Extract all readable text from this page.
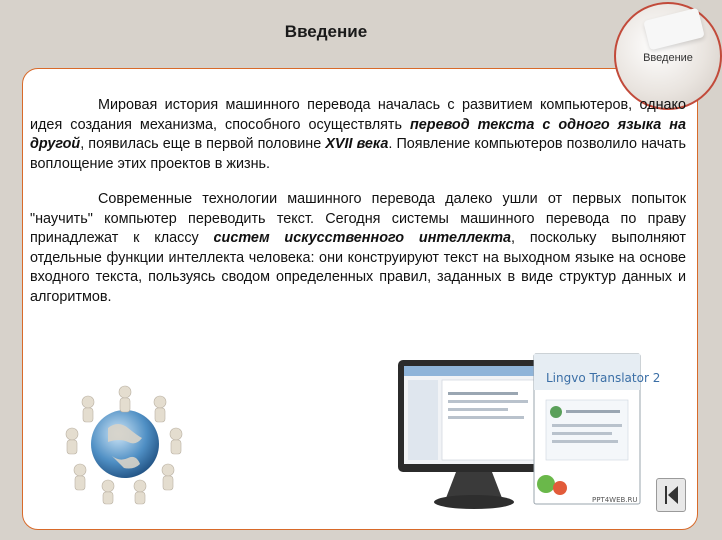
Введение
Введение

Мировая история машинного перевода началась с развитием компьютеров, однако идея создания механизма, способного осуществлять перевод текста с одного языка на другой, появилась еще в первой половине XVII века. Появление компьютеров позволило начать воплощение этих проектов в жизнь.

Современные технологии машинного перевода далеко ушли от первых попыток "научить" компьютер переводить текст. Сегодня системы машинного перевода по праву принадлежат к классу систем искусственного интеллекта, поскольку выполняют отдельные функции интеллекта человека: они конструируют текст на выходном языке на основе входного текста, пользуясь сводом определенных правил, заданных в виде структур данных и алгоритмов.

Lingvo Translator 2
PPT4WEB.RU
